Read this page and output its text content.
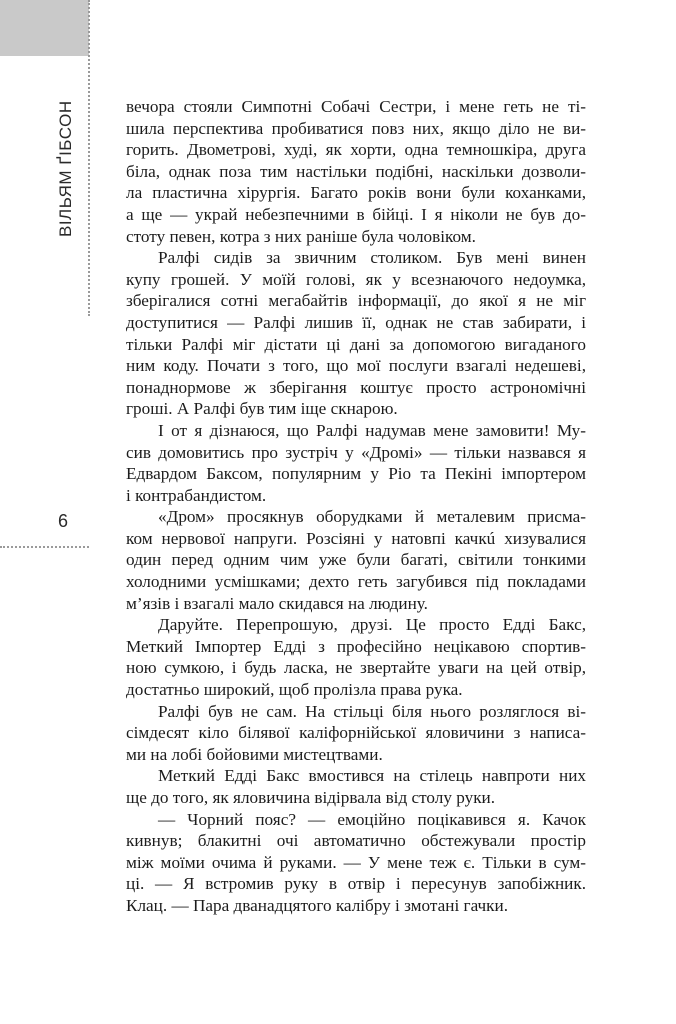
ВІЛЬЯМ ҐІБСОН
6
вечора стояли Симпотні Собачі Сестри, і мене геть не ті-
шила перспектива пробиватися повз них, якщо діло не ви-
горить. Двометрові, худі, як хорти, одна темношкіра, друга
біла, однак поза тим настільки подібні, наскільки дозволи-
ла пластична хірургія. Багато років вони були коханками,
а ще — украй небезпечними в бійці. І я ніколи не був до-
стоту певен, котра з них раніше була чоловіком.
Ралфі сидів за звичним столиком. Був мені винен
купу грошей. У моїй голові, як у всезнаючого недоумка,
зберігалися сотні мегабайтів інформації, до якої я не міг
доступитися — Ралфі лишив її, однак не став забирати, і
тільки Ралфі міг дістати ці дані за допомогою вигаданого
ним коду. Почати з того, що мої послуги взагалі недешеві,
понаднормове ж зберігання коштує просто астрономічні
гроші. А Ралфі був тим іще скнарою.
І от я дізнаюся, що Ралфі надумав мене замовити! Му-
сив домовитись про зустріч у «Дромі» — тільки назвався я
Едвардом Баксом, популярним у Ріо та Пекіні імпортером
і контрабандистом.
«Дром» просякнув оборудками й металевим присма-
ком нервової напруги. Розсіяні у натовпі качкú хизувалися
один перед одним чим уже були багаті, світили тонкими
холодними усмішками; дехто геть загубився під покладами
м’язів і взагалі мало скидався на людину.
Даруйте. Перепрошую, друзі. Це просто Едді Бакс,
Меткий Імпортер Едді з професійно нецікавою спортив-
ною сумкою, і будь ласка, не звертайте уваги на цей отвір,
достатньо широкий, щоб пролізла права рука.
Ралфі був не сам. На стільці біля нього розляглося ві-
сімдесят кіло білявої каліфорнійської яловичини з написа-
ми на лобі бойовими мистецтвами.
Меткий Едді Бакс вмостився на стілець навпроти них
ще до того, як яловичина відірвала від столу руки.
— Чорний пояс? — емоційно поцікавився я. Качок
кивнув; блакитні очі автоматично обстежували простір
між моїми очима й руками. — У мене теж є. Тільки в сум-
ці. — Я встромив руку в отвір і пересунув запобіжник.
Клац. — Пара дванадцятого калібру і змотані гачки.
